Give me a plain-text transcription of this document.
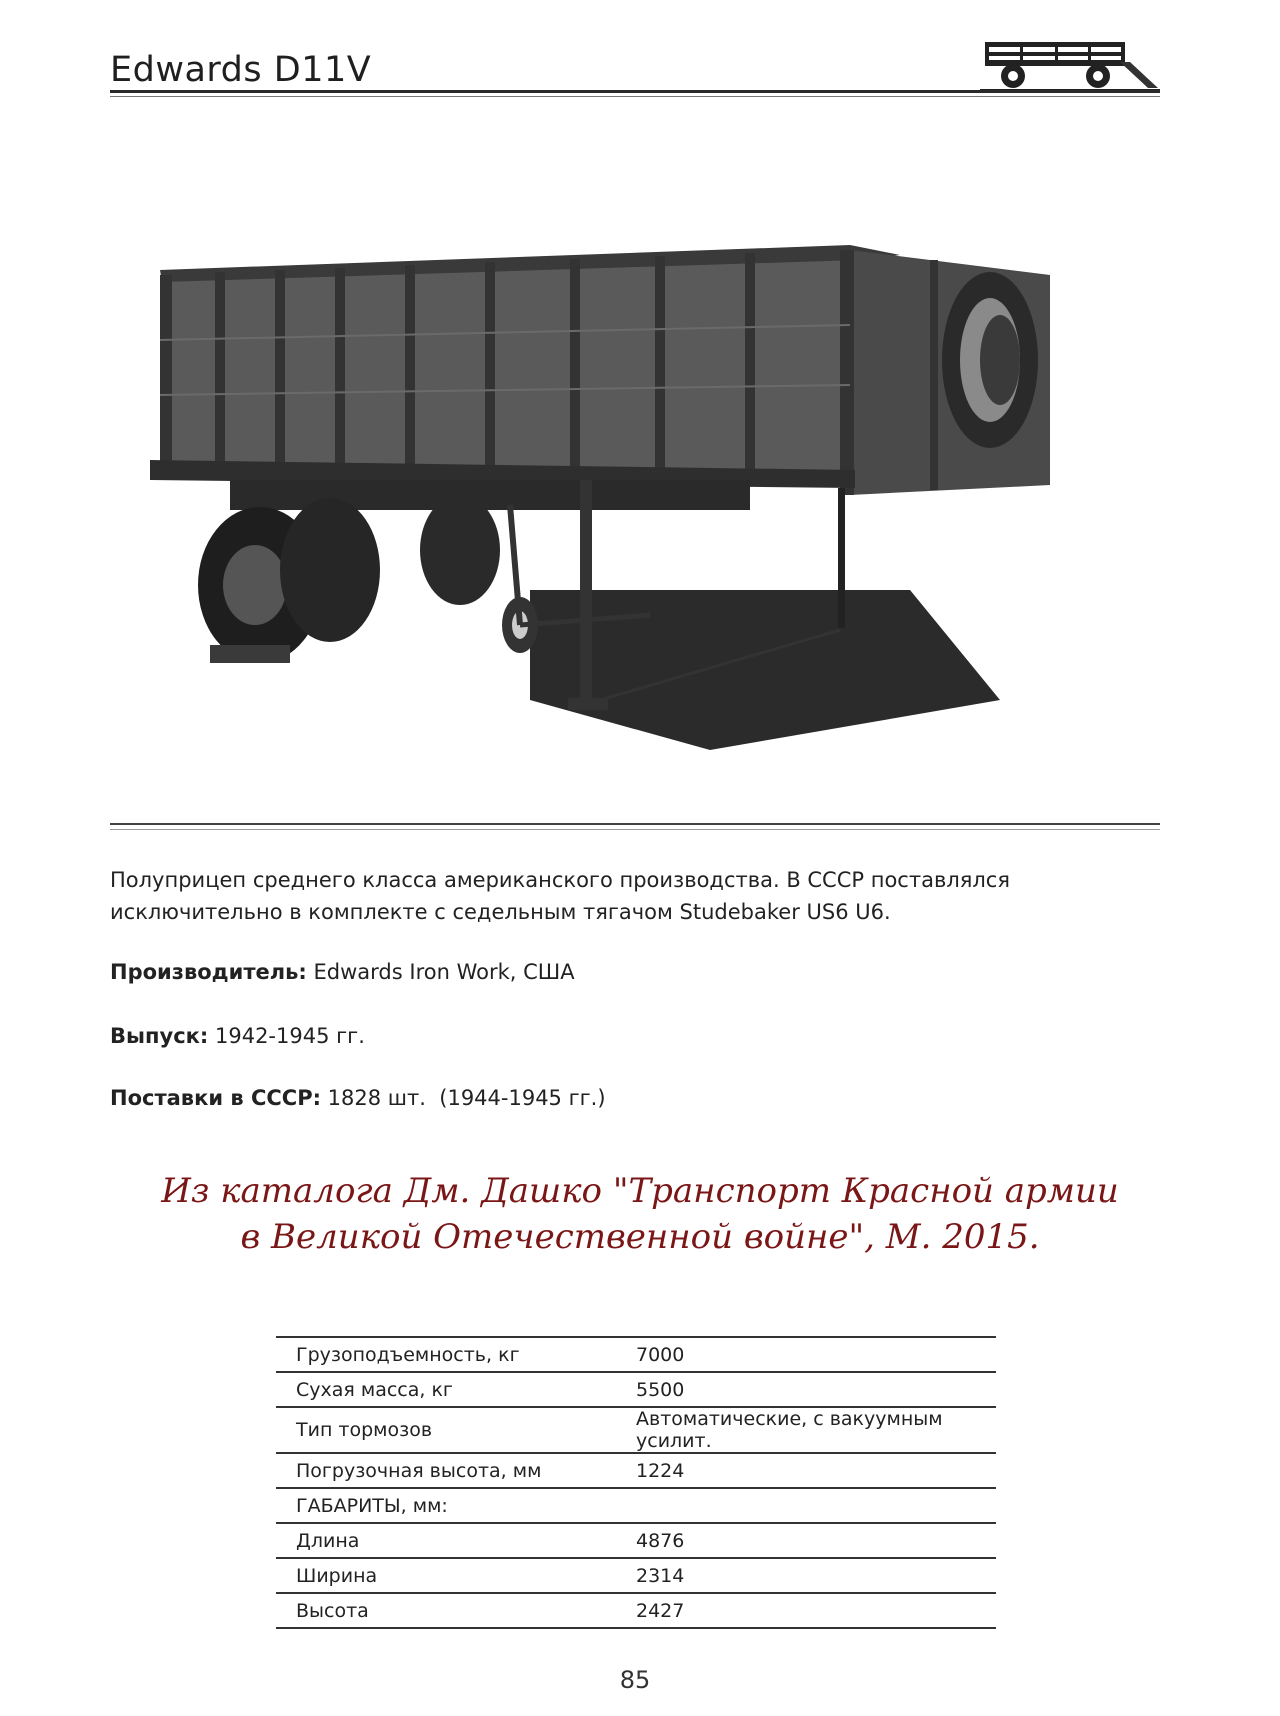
Edwards D11V
Полуприцеп среднего класса американского производства. В СССР поставлялся исключительно в комплекте с седельным тягачом Studebaker US6 U6.
Производитель: Edwards Iron Work, США
Выпуск: 1942-1945 гг.
Поставки в СССР: 1828 шт.  (1944-1945 гг.)
Из каталога Дм. Дашко "Транспорт Красной армии
в Великой Отечественной войне", М. 2015.
Грузоподъемность, кг	7000
Сухая масса, кг	5500
Тип тормозов	Автоматические, с вакуумным усилит.
Погрузочная высота, мм	1224
ГАБАРИТЫ, мм:	
Длина	4876
Ширина	2314
Высота	2427
85
